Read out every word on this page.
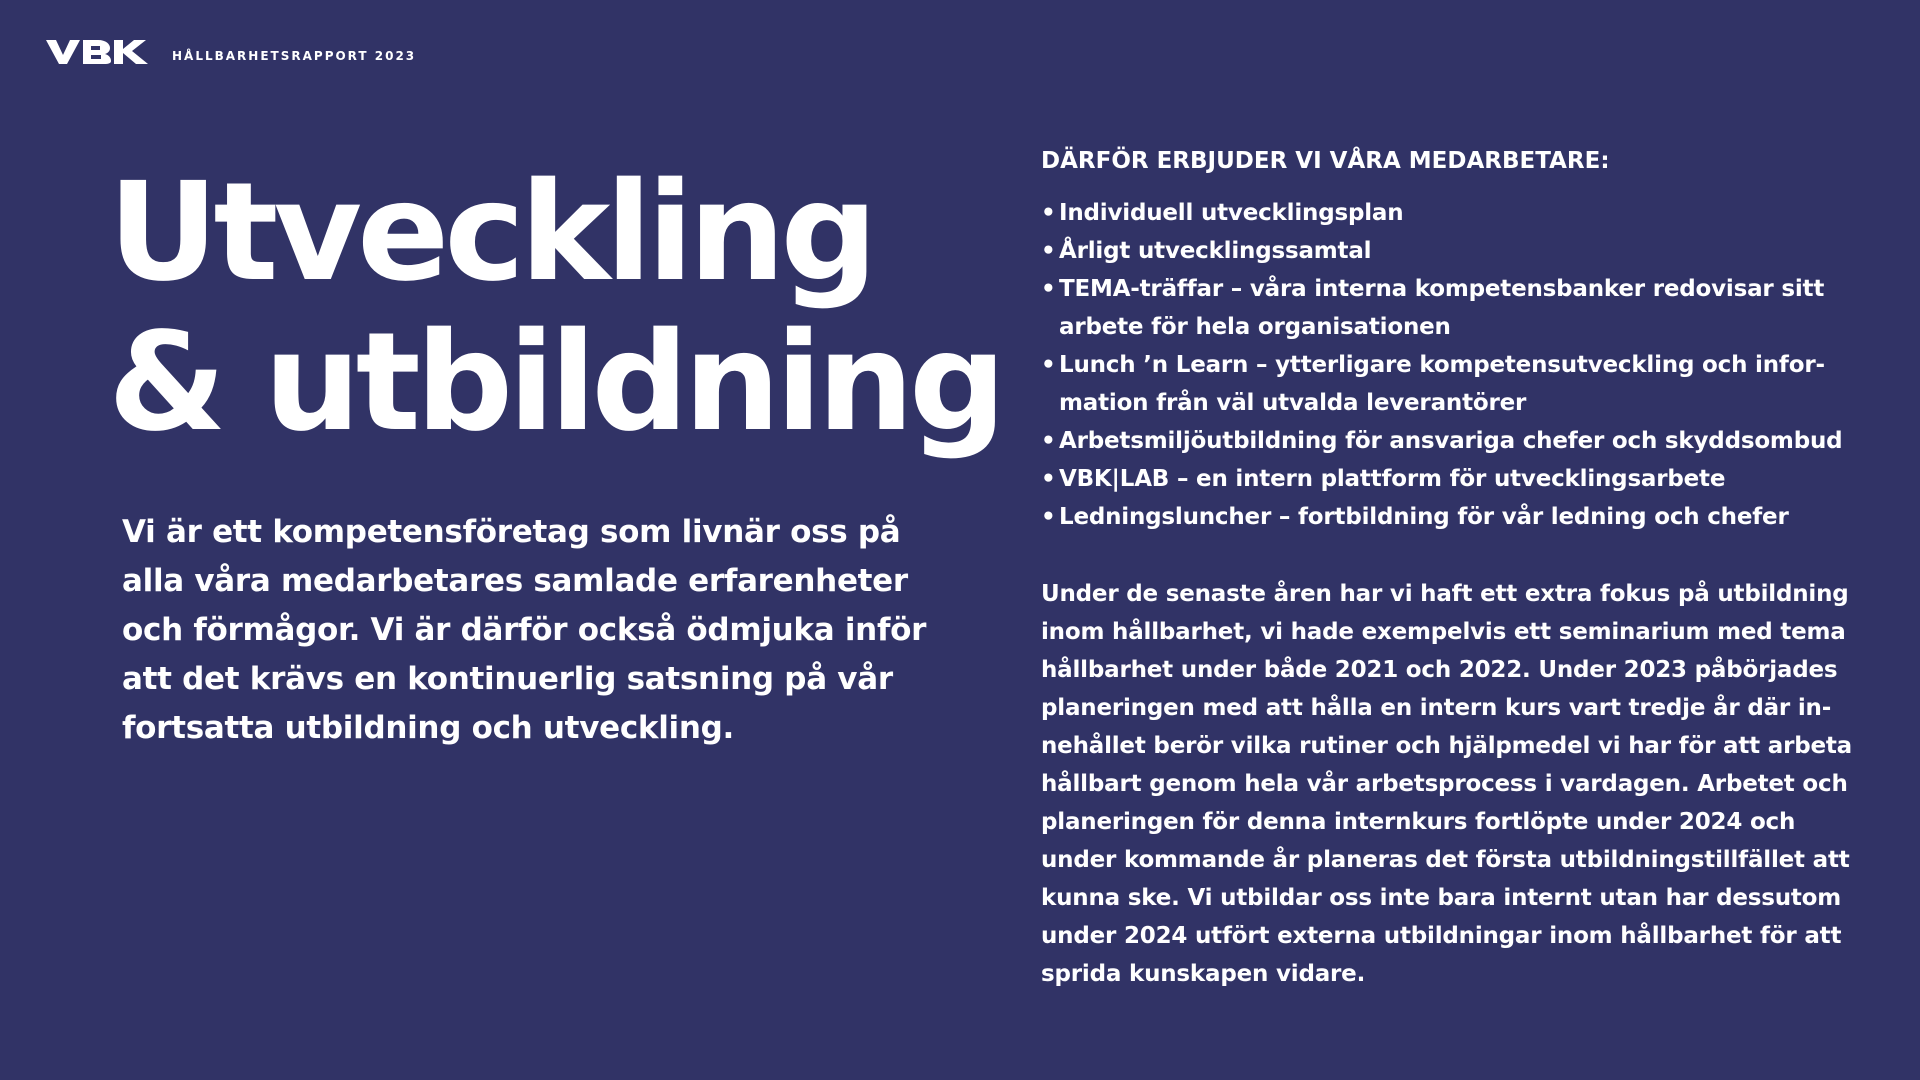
HÅLLBARHETSRAPPORT 2023
Utveckling
& utbildning

Vi är ett kompetensföretag som livnär oss på alla våra medarbetares samlade erfarenheter och förmågor. Vi är därför också ödmjuka inför att det krävs en kontinuerlig satsning på vår fortsatta utbildning och utveckling.

DÄRFÖR ERBJUDER VI VÅRA MEDARBETARE:
• Individuell utvecklingsplan
• Årligt utvecklingssamtal
• TEMA-träffar – våra interna kompetensbanker redovisar sitt arbete för hela organisationen
• Lunch ’n Learn – ytterligare kompetensutveckling och infor-mation från väl utvalda leverantörer
• Arbetsmiljöutbildning för ansvariga chefer och skyddsombud
• VBK|LAB – en intern plattform för utvecklingsarbete
• Ledningsluncher – fortbildning för vår ledning och chefer

Under de senaste åren har vi haft ett extra fokus på utbildning inom hållbarhet, vi hade exempelvis ett seminarium med tema hållbarhet under både 2021 och 2022. Under 2023 påbörjades planeringen med att hålla en intern kurs vart tredje år där in-nehållet berör vilka rutiner och hjälpmedel vi har för att arbeta hållbart genom hela vår arbetsprocess i vardagen. Arbetet och planeringen för denna internkurs fortlöpte under 2024 och under kommande år planeras det första utbildningstillfället att kunna ske. Vi utbildar oss inte bara internt utan har dessutom under 2024 utfört externa utbildningar inom hållbarhet för att sprida kunskapen vidare.
